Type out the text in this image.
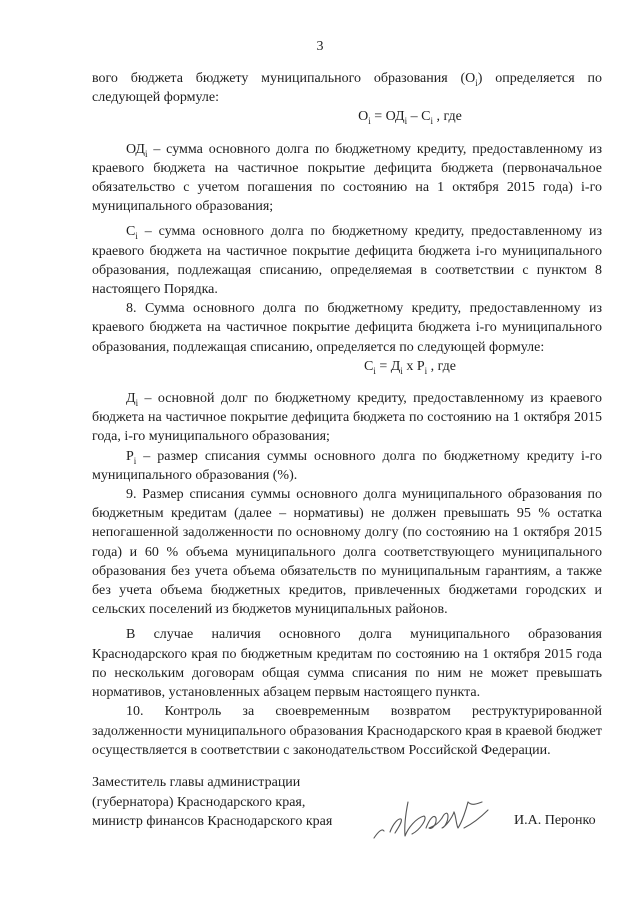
3

вого бюджета бюджету муниципального образования $(О_i)$ определяется по следующей формуле:

$О_i = ОД_i - С_i$ , где

$ОД_i$ – сумма основного долга по бюджетному кредиту, предоставленному из краевого бюджета на частичное покрытие дефицита бюджета (первоначальное обязательство с учетом погашения по состоянию на 1 октября 2015 года) i-го муниципального образования;

$С_i$ – сумма основного долга по бюджетному кредиту, предоставленному из краевого бюджета на частичное покрытие дефицита бюджета i-го муниципального образования, подлежащая списанию, определяемая в соответствии с пунктом 8 настоящего Порядка.

8. Сумма основного долга по бюджетному кредиту, предоставленному из краевого бюджета на частичное покрытие дефицита бюджета i-го муниципального образования, подлежащая списанию, определяется по следующей формуле:

$С_i = Д_i$ х $Р_i$ , где

$Д_i$ – основной долг по бюджетному кредиту, предоставленному из краевого бюджета на частичное покрытие дефицита бюджета по состоянию на 1 октября 2015 года, i-го муниципального образования;

$Р_i$ – размер списания суммы основного долга по бюджетному кредиту i-го муниципального образования (%).

9. Размер списания суммы основного долга муниципального образования по бюджетным кредитам (далее – нормативы) не должен превышать 95 % остатка непогашенной задолженности по основному долгу (по состоянию на 1 октября 2015 года) и 60 % объема муниципального долга соответствующего муниципального образования без учета объема обязательств по муниципальным гарантиям, а также без учета объема бюджетных кредитов, привлеченных бюджетами городских и сельских поселений из бюджетов муниципальных районов.

В случае наличия основного долга муниципального образования Краснодарского края по бюджетным кредитам по состоянию на 1 октября 2015 года по нескольким договорам общая сумма списания по ним не может превышать нормативов, установленных абзацем первым настоящего пункта.

10. Контроль за своевременным возвратом реструктурированной задолженности муниципального образования Краснодарского края в краевой бюджет осуществляется в соответствии с законодательством Российской Федерации.

Заместитель главы администрации
(губернатора) Краснодарского края,
министр финансов Краснодарского края	И.А. Перонко
